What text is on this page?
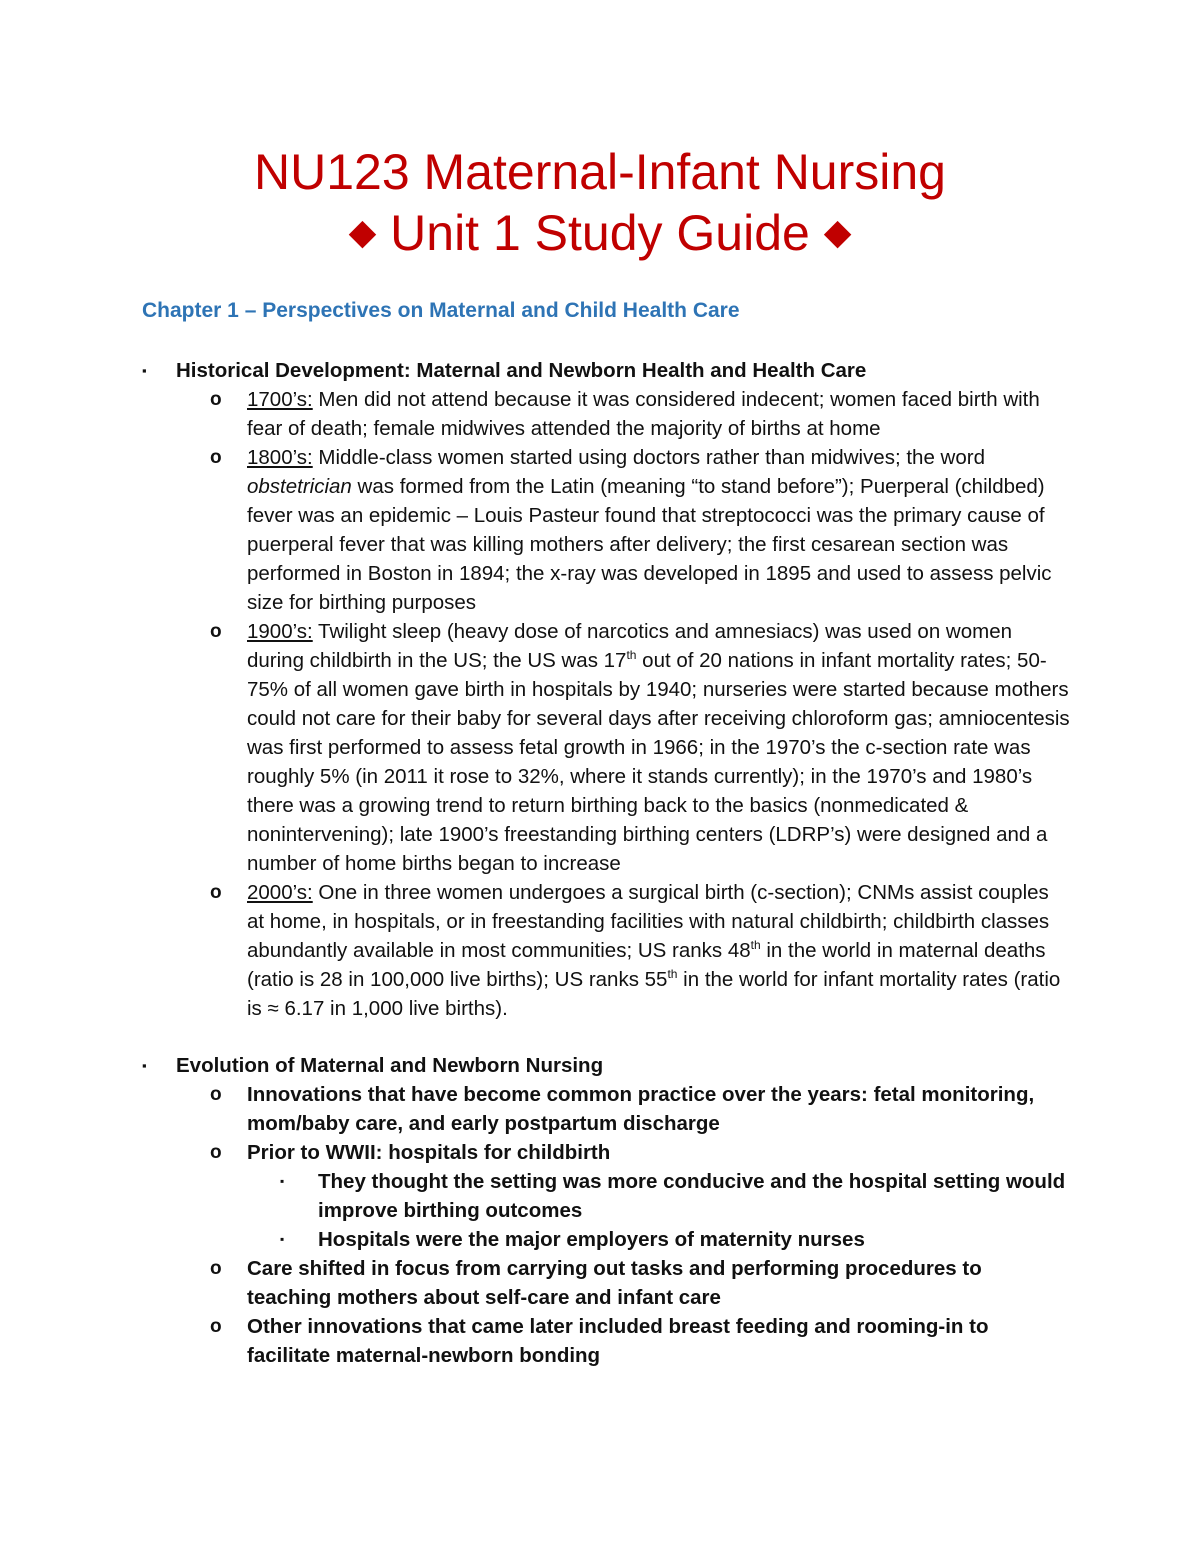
NU123 Maternal-Infant Nursing
◆ Unit 1 Study Guide ◆
Chapter 1 – Perspectives on Maternal and Child Health Care
▪ Historical Development: Maternal and Newborn Health and Health Care
o 1700’s: Men did not attend because it was considered indecent; women faced birth with fear of death; female midwives attended the majority of births at home
o 1800’s: Middle-class women started using doctors rather than midwives; the word obstetrician was formed from the Latin (meaning “to stand before”); Puerperal (childbed) fever was an epidemic – Louis Pasteur found that streptococci was the primary cause of puerperal fever that was killing mothers after delivery; the first cesarean section was performed in Boston in 1894; the x-ray was developed in 1895 and used to assess pelvic size for birthing purposes
o 1900’s: Twilight sleep (heavy dose of narcotics and amnesiacs) was used on women during childbirth in the US; the US was 17th out of 20 nations in infant mortality rates; 50-75% of all women gave birth in hospitals by 1940; nurseries were started because mothers could not care for their baby for several days after receiving chloroform gas; amniocentesis was first performed to assess fetal growth in 1966; in the 1970’s the c-section rate was roughly 5% (in 2011 it rose to 32%, where it stands currently); in the 1970’s and 1980’s there was a growing trend to return birthing back to the basics (nonmedicated & nonintervening); late 1900’s freestanding birthing centers (LDRP’s) were designed and a number of home births began to increase
o 2000’s: One in three women undergoes a surgical birth (c-section); CNMs assist couples at home, in hospitals, or in freestanding facilities with natural childbirth; childbirth classes abundantly available in most communities; US ranks 48th in the world in maternal deaths (ratio is 28 in 100,000 live births); US ranks 55th in the world for infant mortality rates (ratio is ≈ 6.17 in 1,000 live births).
▪ Evolution of Maternal and Newborn Nursing
o Innovations that have become common practice over the years: fetal monitoring, mom/baby care, and early postpartum discharge
o Prior to WWII: hospitals for childbirth
▪ They thought the setting was more conducive and the hospital setting would improve birthing outcomes
▪ Hospitals were the major employers of maternity nurses
o Care shifted in focus from carrying out tasks and performing procedures to teaching mothers about self-care and infant care
o Other innovations that came later included breast feeding and rooming-in to facilitate maternal-newborn bonding
